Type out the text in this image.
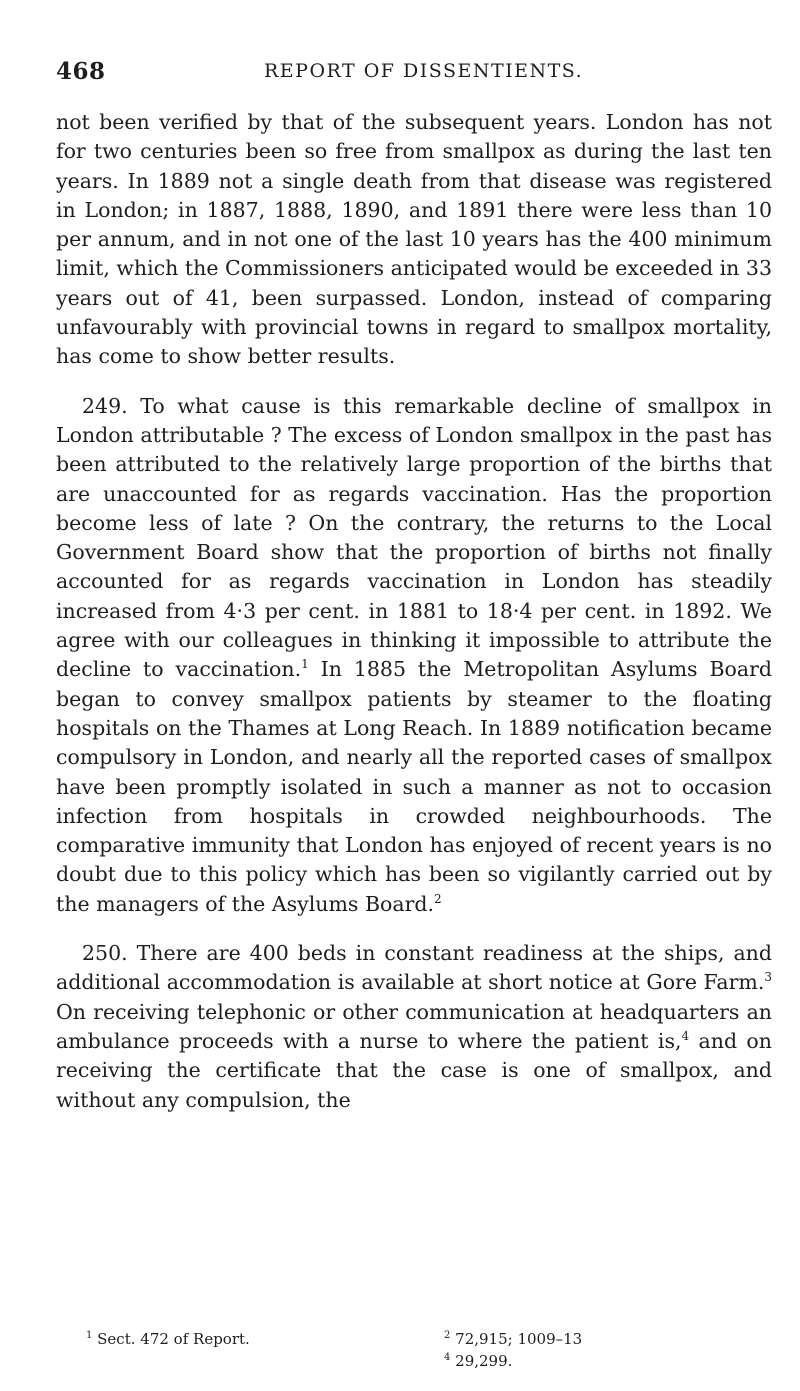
468	REPORT OF DISSENTIENTS.

not been verified by that of the subsequent years. London has not for two centuries been so free from smallpox as during the last ten years. In 1889 not a single death from that disease was registered in London; in 1887, 1888, 1890, and 1891 there were less than 10 per annum, and in not one of the last 10 years has the 400 minimum limit, which the Commissioners anticipated would be exceeded in 33 years out of 41, been surpassed. London, instead of comparing unfavourably with provincial towns in regard to smallpox mortality, has come to show better results.

249. To what cause is this remarkable decline of smallpox in London attributable ? The excess of London smallpox in the past has been attributed to the relatively large proportion of the births that are unaccounted for as regards vaccination. Has the proportion become less of late ? On the contrary, the returns to the Local Government Board show that the proportion of births not finally accounted for as regards vaccination in London has steadily increased from 4·3 per cent. in 1881 to 18·4 per cent. in 1892. We agree with our colleagues in thinking it impossible to attribute the decline to vaccination.$^1$ In 1885 the Metropolitan Asylums Board began to convey smallpox patients by steamer to the floating hospitals on the Thames at Long Reach. In 1889 notification became compulsory in London, and nearly all the reported cases of smallpox have been promptly isolated in such a manner as not to occasion infection from hospitals in crowded neighbourhoods. The comparative immunity that London has enjoyed of recent years is no doubt due to this policy which has been so vigilantly carried out by the managers of the Asylums Board.$^2$

250. There are 400 beds in constant readiness at the ships, and additional accommodation is available at short notice at Gore Farm.$^3$ On receiving telephonic or other communication at headquarters an ambulance proceeds with a nurse to where the patient is,$^4$ and on receiving the certificate that the case is one of smallpox, and without any compulsion, the

$^1$ Sect. 472 of Report.	$^2$ 72,915; 1009–13
$^4$ 29,299.
